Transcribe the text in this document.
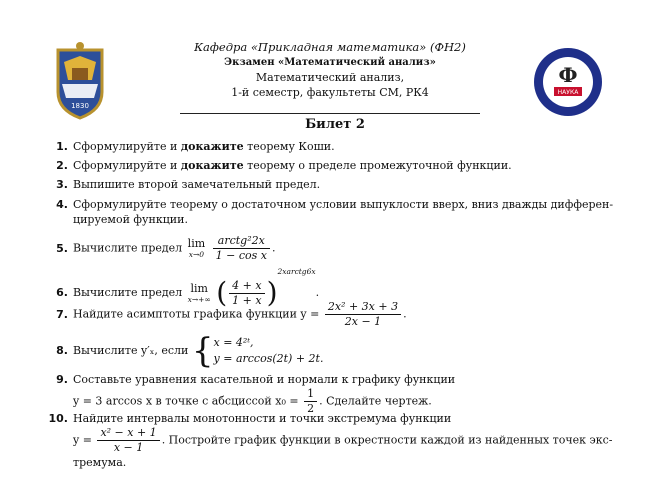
1830
Кафедра «Прикладная математика» (ФН2)
Экзамен «Математический анализ»
Математический анализ,
1-й семестр, факультеты СМ, РК4
Билет 2
Ф
НАУКА
1. Сформулируйте и докажите теорему Коши.
2. Сформулируйте и докажите теорему о пределе промежуточной функции.
3. Выпишите второй замечательный предел.
4. Сформулируйте теорему о достаточном условии выпуклости вверх, вниз дважды дифферен-
цируемой функции.
5. Вычислите предел lim
x→0
$\frac{\text{arctg²2x}}{\text{1 − cos x}}$ .
6. Вычислите предел lim
x→+∞ ( $\frac{4 + x}{1 + x} )^{2xarctg6x}$.
7. Найдите асимптоты графика функции $y = \frac{\text{2x² + 3x + 3}}{2x - 1}$ .
8. Вычислите y′ₓ, если {x = 4²ᵗ,
y = arccos(2t) + 2t.
9. Составьте уравнения касательной и нормали к графику функции
y = 3 arccos x в точке с абсциссой $x_0 = \frac{1}{2}$ . Сделайте чертеж.
10. Найдите интервалы монотонности и точки экстремума функции
$y = \frac{\text{x² − x + 1}}{x - 1}$ . Постройте график функции в окрестности каждой из найденных точек экс-
тремума.
